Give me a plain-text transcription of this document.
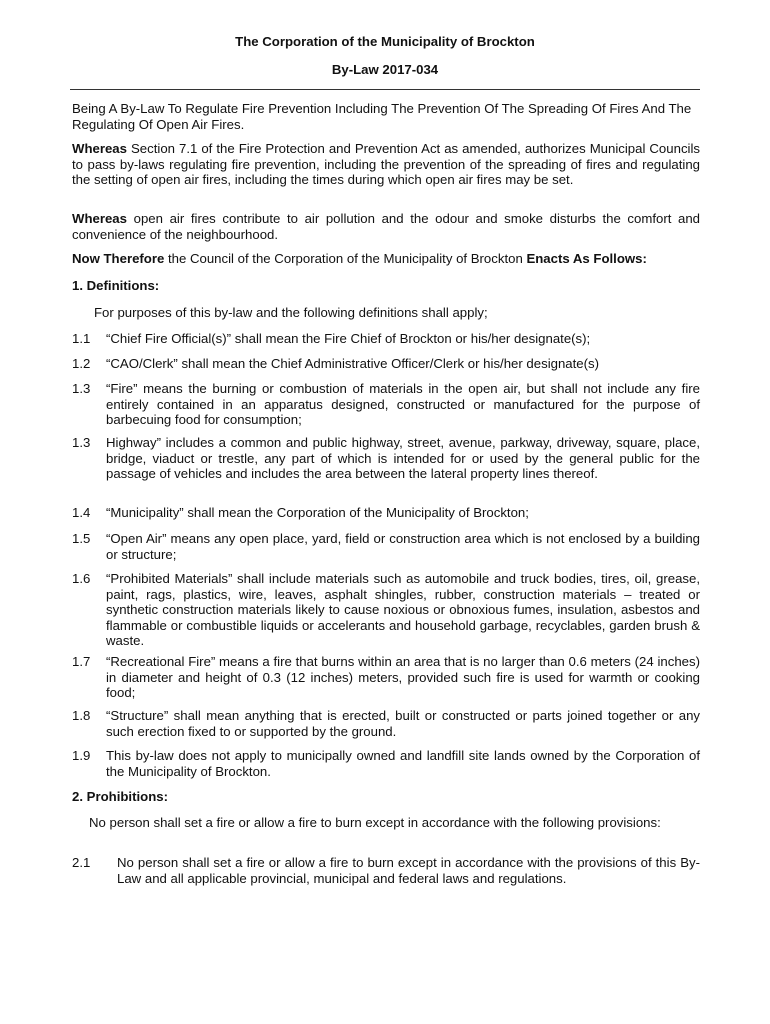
The Corporation of the Municipality of Brockton
By-Law 2017-034

Being A By-Law To Regulate Fire Prevention Including The Prevention Of The Spreading Of Fires And The Regulating Of Open Air Fires.

Whereas Section 7.1 of the Fire Protection and Prevention Act as amended, authorizes Municipal Councils to pass by-laws regulating fire prevention, including the prevention of the spreading of fires and regulating the setting of open air fires, including the times during which open air fires may be set.

Whereas open air fires contribute to air pollution and the odour and smoke disturbs the comfort and convenience of the neighbourhood.

Now Therefore the Council of the Corporation of the Municipality of Brockton Enacts As Follows:

1. Definitions:

For purposes of this by-law and the following definitions shall apply;

1.1	“Chief Fire Official(s)” shall mean the Fire Chief of Brockton or his/her designate(s);

1.2	“CAO/Clerk” shall mean the Chief Administrative Officer/Clerk or his/her designate(s)

1.3	“Fire” means the burning or combustion of materials in the open air, but shall not include any fire entirely contained in an apparatus designed, constructed or manufactured for the purpose of barbecuing food for consumption;

1.3	Highway” includes a common and public highway, street, avenue, parkway, driveway, square, place, bridge, viaduct or trestle, any part of which is intended for or used by the general public for the passage of vehicles and includes the area between the lateral property lines thereof.

1.4	“Municipality” shall mean the Corporation of the Municipality of Brockton;

1.5	“Open Air” means any open place, yard, field or construction area which is not enclosed by a building or structure;

1.6	“Prohibited Materials” shall include materials such as automobile and truck bodies, tires, oil, grease, paint, rags, plastics, wire, leaves, asphalt shingles, rubber, construction materials – treated or synthetic construction materials likely to cause noxious or obnoxious fumes, insulation, asbestos and flammable or combustible liquids or accelerants and household garbage, recyclables, garden brush & waste.

1.7	“Recreational Fire” means a fire that burns within an area that is no larger than 0.6 meters (24 inches) in diameter and height of 0.3 (12 inches) meters, provided such fire is used for warmth or cooking food;

1.8	“Structure” shall mean anything that is erected, built or constructed or parts joined together or any such erection fixed to or supported by the ground.

1.9	This by-law does not apply to municipally owned and landfill site lands owned by the Corporation of the Municipality of Brockton.

2. Prohibitions:

No person shall set a fire or allow a fire to burn except in accordance with the following provisions:

2.1	No person shall set a fire or allow a fire to burn except in accordance with the provisions of this By-Law and all applicable provincial, municipal and federal laws and regulations.
